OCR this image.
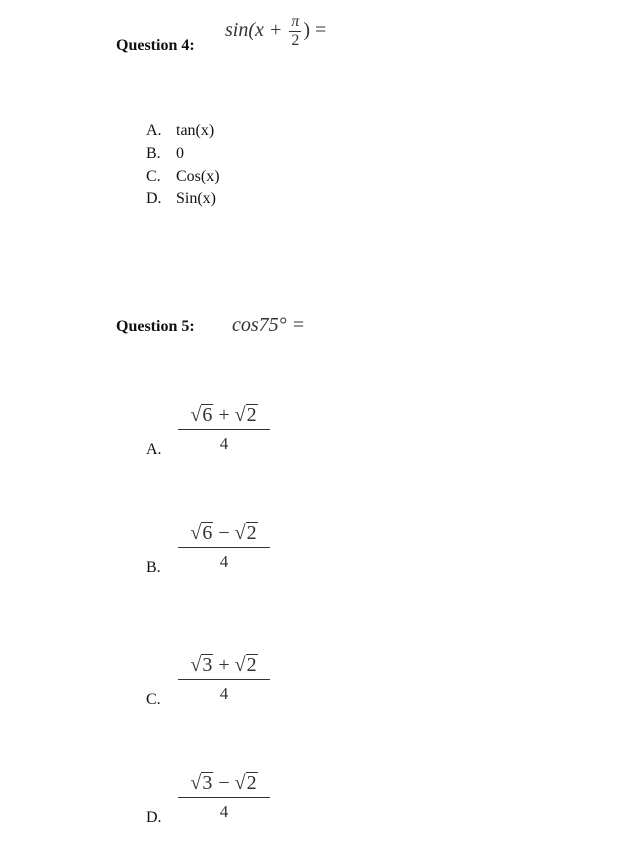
Question 4:
$\sin(x + \frac{\pi}{2}$ ) =
A. tan(x)
B. 0
C. Cos(x)
D. Sin(x)
Question 5: cos75° =
$\frac{√6 + √2}{4}$
A.
$\frac{√6 - √2}{4}$
B.
$\frac{√3 + √2}{4}$
C.
$\frac{√3 - √2}{4}$
D.
